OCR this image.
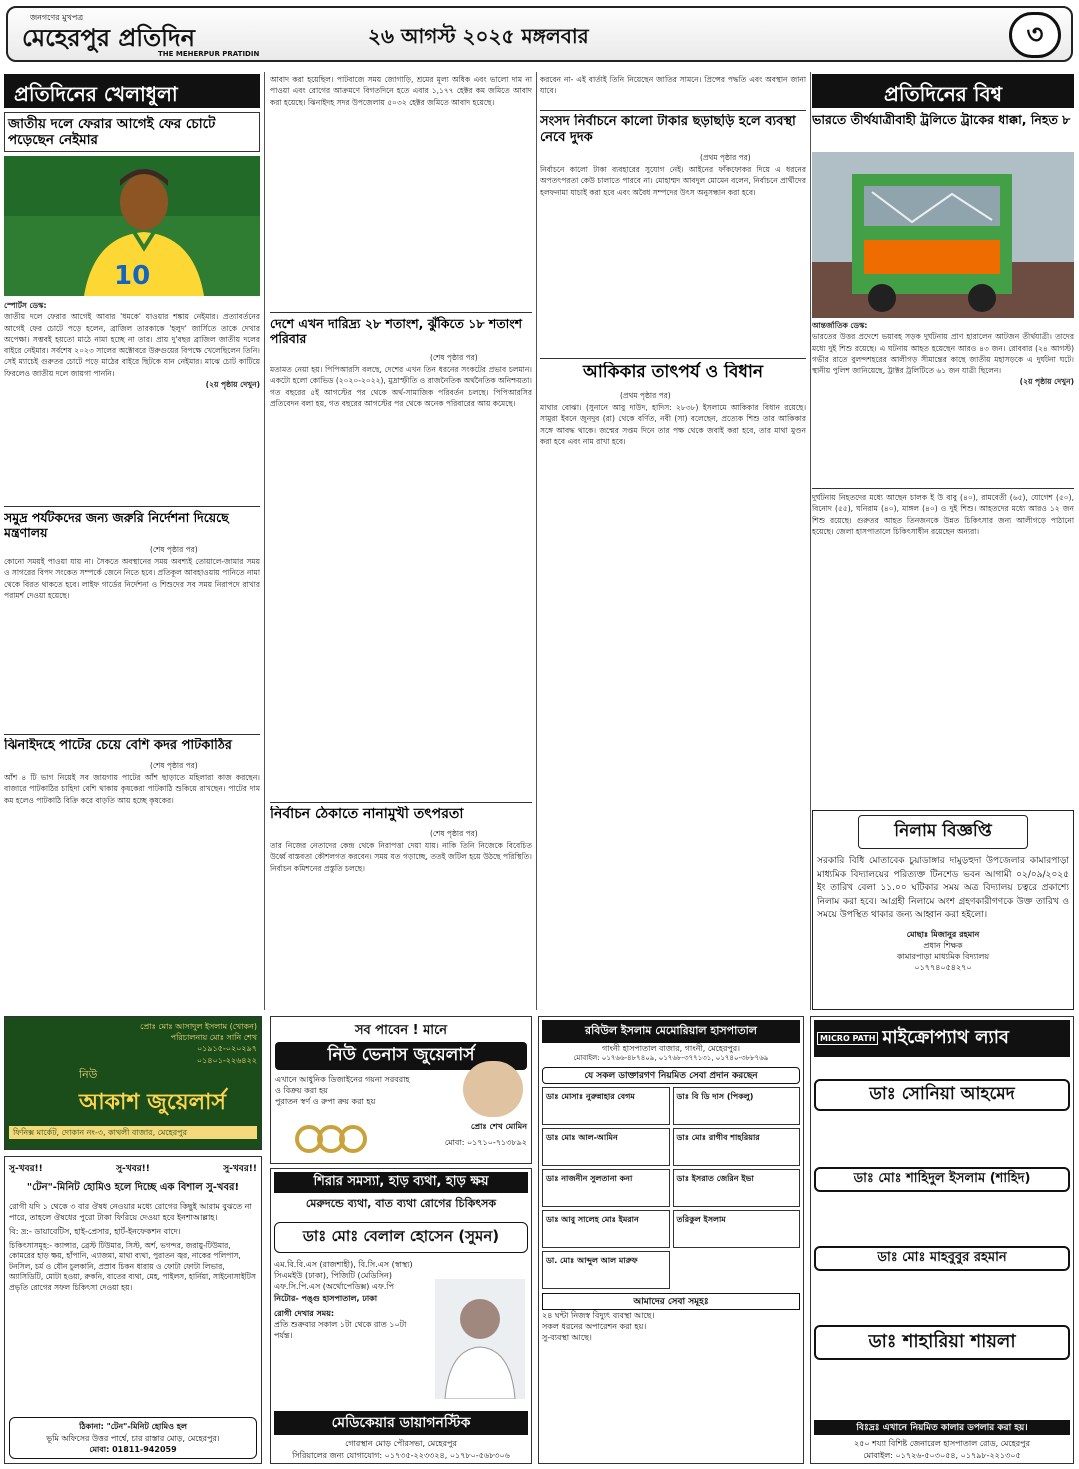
জনগণের মুখপত্র
মেহেরপুর প্রতিদিন
THE MEHERPUR PRATIDIN
২৬ আগস্ট ২০২৫ মঙ্গলবার	৩
প্রতিদিনের খেলাধুলা
জাতীয় দলে ফেরার আগেই ফের চোটে পড়েছেন নেইমার
10
স্পোর্টস ডেস্ক:
জাতীয় দলে ফেরার আগেই আবার 'ধমকে' যাওয়ার শঙ্কায় নেইমার। প্রত্যাবর্তনের আগেই ফের চোটে পড়ে হলেন, ব্রাজিল তারকাকে 'হলুদ' জার্সিতে তাকে দেখার অপেক্ষা। সম্ভবই হয়তো মাঠে নামা হচ্ছে না তার। প্রায় দু'বছর ব্রাজিল জাতীয় দলের বাইরে নেইমার। সর্বশেষ ২০২৩ সালের অক্টোবরে উরুগুয়ের বিপক্ষে খেলেছিলেন তিনি। সেই ম্যাচেই গুরুতর চোটে পড়ে মাঠের বাইরে ছিটকে যান নেইমার। মাঝে চোট কাটিয়ে ফিরলেও জাতীয় দলে জায়গা পাননি।
(২য় পৃষ্ঠায় দেখুন)
সমুদ্র পর্যটকদের জন্য জরুরি নির্দেশনা দিয়েছে মন্ত্রণালয়
(শেষ পৃষ্ঠার পর)
কোনো সময়ই পাওয়া যায় না। সৈকতে অবস্থানের সময় অবশ্যই তোয়ালে-জামার সময় ও সাগরের বিপদ সংকেত সম্পর্কে জেনে নিতে হবে। প্রতিকূল আবহাওয়ায় পানিতে নামা থেকে বিরত থাকতে হবে। লাইফ গার্ডের নির্দেশনা ও শিশুদের সব সময় নিরাপদে রাখার পরামর্শ দেওয়া হয়েছে।
ঝিনাইদহে পাটের চেয়ে বেশি কদর পাটকাঠির
(শেষ পৃষ্ঠার পর)
আঁশ ৪ টি ভাগ নিয়েই সব জায়গায় পাটের আঁশ ছাড়াতে মহিলারা কাজ করছেন। বাজারে পাটকাঠির চাহিদা বেশি থাকায় কৃষকেরা পাটকাঠি শুকিয়ে রাখছেন। পাটের দাম কম হলেও পাটকাঠি বিক্রি করে বাড়তি আয় হচ্ছে কৃষকের।
আবাদ করা হয়েছিল। পাটবাজে সময় জোগাড়ি, শ্রমের মূল্য অধিক এবং ভালো দাম না পাওয়া এবং রোগের আক্রমণে বিগতদিনে হতে এবার ১,১৭৭ হেক্টর কম জমিতে আবাদ করা হয়েছে। ঝিনাইদহ সদর উপজেলায় ৫০৩২ হেক্টর জমিতে আবাদ হয়েছে।
দেশে এখন দারিদ্র্য ২৮ শতাংশ, ঝুঁকিতে ১৮ শতাংশ পরিবার
(শেষ পৃষ্ঠার পর)
মতামত নেয়া হয়। পিপিআরসি বলছে, দেশের এখন তিন ধরনের সংকটের প্রভাব চলমান। একটো হলো কোভিড (২০২০-২০২২), মুদ্রাস্ফীতি ও রাজনৈতিক অর্থনৈতিক অনিশ্চয়তা। গত বছরের ৫ই আগস্টের পর থেকে অর্থ-সামাজিক পরিবর্তন চলছে। পিপিআরসির প্রতিবেদন বলা হয়, গত বছরের আগস্টের পর থেকে অনেক পরিবারের আয় কমেছে।
নির্বাচন ঠেকাতে নানামুখী তৎপরতা
(শেষ পৃষ্ঠার পর)
তার নিজের নেতাদের কেন্দ্র থেকে নিরাপত্তা দেয়া যায়। নাকি তিনি নিজেকে বিবেচিত উর্ধ্বে বাস্তবতা কৌশলগত করবেন। সময় যত গড়াচ্ছে, ততই জটিল হয়ে উঠছে পরিস্থিতি। নির্বাচন কমিশনের প্রস্তুতি চলছে।
করবেন না- এই বার্তাই তিনি নিয়েছেন জাতির সামনে। প্রিন্সের পদ্ধতি এবং অবস্থান জানা যাবে।
সংসদ নির্বাচনে কালো টাকার ছড়াছড়ি হলে ব্যবস্থা নেবে দুদক
(প্রথম পৃষ্ঠার পর)
নির্বাচনে কালো টাকা ব্যবহারের সুযোগ নেই। আইনের ফাঁকফোকর দিয়ে এ ধরনের অপতৎপরতা কেউ চালাতে পারবে না। মোহাম্মদ আবদুল মোমেন বলেন, নির্বাচনে প্রার্থীদের হলফনামা যাচাই করা হবে এবং অবৈধ সম্পদের উৎস অনুসন্ধান করা হবে।
আকিকার তাৎপর্য ও বিধান
(প্রথম পৃষ্ঠার পর)
মাথার বোঝা। (সুনানে আবু দাউদ, হাদিস: ২৮৩৮) ইসলামে আকিকার বিধান রয়েছে। সামুরা ইবনে জুনদুব (রা) থেকে বর্ণিত, নবী (সা) বলেছেন, প্রত্যেক শিশু তার আকিকার সঙ্গে আবদ্ধ থাকে। জন্মের সপ্তম দিনে তার পক্ষ থেকে জবাই করা হবে, তার মাথা মুণ্ডন করা হবে এবং নাম রাখা হবে।
প্রতিদিনের বিশ্ব
ভারতে তীর্থযাত্রীবাহী ট্রলিতে ট্রাকের ধাক্কা, নিহত ৮
আন্তর্জাতিক ডেস্ক:
ভারতের উত্তর প্রদেশে ভয়াবহ সড়ক দুর্ঘটনায় প্রাণ হারালেন আটজন তীর্থযাত্রী। তাদের মধ্যে দুই শিশু রয়েছে। এ ঘটনায় আহত হয়েছেন আরও ৪৩ জন। রোববার (২৪ আগস্ট) গভীর রাতে বুলন্দশহরের আলীগড় সীমান্তের কাছে জাতীয় মহাসড়কে এ দুর্ঘটনা ঘটে। স্থানীয় পুলিশ জানিয়েছে, ট্রাক্টর ট্রলিটিতে ৬১ জন যাত্রী ছিলেন।
(২য় পৃষ্ঠায় দেখুন)
দুর্ঘটনায় নিহতদের মধ্যে আছেন চালক ই উ বাবু (৪০), রামবেতী (৬৫), যোগেশ (৫০), বিনোদ (৫৫), ঘনিরাম (৪০), মাঙ্গল (৪০) ও দুই শিশু। আহতদের মধ্যে আরও ১২ জন শিশু রয়েছে। গুরুতর আহত তিনজনকে উন্নত চিকিৎসার জন্য আলীগড়ে পাঠানো হয়েছে। জেলা হাসপাতালে চিকিৎসাধীন রয়েছেন অন্যরা।
নিলাম বিজ্ঞপ্তি
সরকারি বিধি মোতাবেক চুয়াডাঙ্গার দামুড়হুদা উপজেলার কামারপাড়া মাধ্যমিক বিদ্যালয়ের পরিত্যক্ত টিনশেড ভবন আগামী ০২/০৯/২০২৫ ইং তারিখ বেলা ১১.০০ ঘটিকার সময় অত্র বিদ্যালয় চত্বরে প্রকাশ্যে নিলাম করা হবে। আগ্রহী নিলামে অংশ গ্রহণকারীগণকে উক্ত তারিখ ও সময়ে উপস্থিত থাকার জন্য আহ্বান করা হইলো।
মোছাঃ মিজানুর রহমান
প্রধান শিক্ষক
কামারপাড়া মাধ্যমিক বিদ্যালয়
০১৭৭৪০৫৪২৭০
প্রোঃ মোঃ আসাদুল ইসলাম (খোকন)
পরিচালনায় মোঃ সানি শেখ
০১৯১৫-০২০২৯৭
০১৪০১-২২৬৪২২
নিউ
আকাশ জুয়েলার্স
ফিনিক্স মার্কেট, দোকান নং-৩, কাথলী বাজার, মেহেরপুর
সু-খবর!!	সু-খবর!!	সু-খবর!!
"টেন"-মিনিট হোমিও হলে দিচ্ছে এক বিশাল সু-খবর!
রোগী যদি ১ থেকে ৩ বার ঔষধ নেওয়ার মধ্যে রোগের কিছুই আরাম বুঝতে না পারে, তাহলে ঔষধের পুরো টাকা ফিরিয়ে দেওয়া হবে ইনশাআল্লাহ।
বি: দ্র:- ডায়াবেটিস, হাই-প্রেসার, হার্ট-ইনফেকশন বাদে।
চিকিৎসাসমূহ:- ক্যান্সার, ব্রেস্ট টিউমার, সিস্ট, অর্শ, ভগন্দর, জরায়ু-টিউমার, কোমরের হাড় ক্ষয়, হাঁপানি, এ্যাজমা, মাথা ব্যথা, পুরাতন জ্বর, নাকের পলিপাস, টনসিল, চর্ম ও যৌন চুলকানি, প্রস্রাব চিকন ধারায় ও ফোটা ফোটা লিভার, অ্যাসিডিটি, মোটা হওয়া, রুকনি, বাতের ব্যথা, মেহ, পাইলস, হার্নিয়া, সাইনোসাইটিস প্রভৃতি রোগের সফল চিকিৎসা দেওয়া হয়।
ঠিকানা: "টেন"-মিনিট হোমিও হল
ভূমি অফিসের উত্তর পার্শ্বে, চার রাস্তার মোড়, মেহেরপুর।
মোবা: 01811-942059
সব পাবেন ! মানে
নিউ ভেনাস জুয়েলার্স
এখানে আধুনিক ডিজাইনের গয়না সরবরাহ ও বিক্রয় করা হয়
পুরাতন স্বর্ণ ও রুপা ক্রয় করা হয়
প্রোঃ শেখ মোমিন
মোবা: ০১৭১০-৭১৩৮৯২
শিরার সমস্যা, হাড় ব্যথা, হাড় ক্ষয়
মেরুদন্ডে ব্যথা, বাত ব্যথা রোগের চিকিৎসক
ডাঃ মোঃ বেলাল হোসেন (সুমন)
এম.বি.বি.এস (রাজশাহী), বি.সি.এস (স্বাস্থ্য)
সিএমইউ (ঢাকা), পিজিটি (মেডিসিন)
এফ.সি.পি.এস (অর্থোপেডিক্স) এফ.পি
নিটোর- পঙ্গু হাসপাতাল, ঢাকা
রোগী দেখার সময়:
প্রতি শুক্রবার সকাল ১টা থেকে রাত ১০টা পর্যন্ত।
মেডিকেয়ার ডায়াগনস্টিক
গোরস্থান মোড় পৌরসভা, মেহেরপুর
সিরিয়ালের জন্য যোগাযোগ: ০১৭৩৫-২২৩৩২৪, ০১৭৮০-৫৬৮৩০৬
রবিউল ইসলাম মেমোরিয়াল হাসপাতাল
গাংনী হাসপাতাল বাজার, গাংনী, মেহেরপুর।
মোবাইল: ০১৭৬৬-৪৮৭৪০৯, ০১৭৬৮-৩৭৭১৩১, ০১৭৪০-৩৮৮৭৬৯
যে সকল ডাক্তারগণ নিয়মিত সেবা প্রদান করছেন
ডাঃ মোসাঃ নুরুন্নাহার বেগম	ডাঃ বি ডি দাস (পিকলু)
ডাঃ মোঃ আল-আমিন	ডাঃ মোঃ রাগীব শাহরিয়ার
ডাঃ নাজনীন সুলতানা কনা	ডাঃ ইসরাত জেরিন ইভা
ডাঃ আবু সালেহ মোঃ ইমরান	তরিকুল ইসলাম
ডা. মোঃ আব্দুল আল মারুফ
আমাদের সেবা সমূহঃ
২৪ ঘন্টা নিজস্ব বিদ্যুৎ ব্যবস্থা আছে।
সকল ধরনের অপারেশন করা হয়।
সু-ব্যবস্থা আছে।
MICRO PATH মাইক্রোপ্যাথ ল্যাব
ডাঃ সোনিয়া আহমেদ
ডাঃ মোঃ শাহিদুল ইসলাম (শাহিদ)
ডাঃ মোঃ মাহবুবুর রহমান
ডাঃ শাহারিয়া শায়লা
বিঃদ্রঃ এখানে নিয়মিত কালার ডপলার করা হয়।
২৫০ শয্যা বিশিষ্ট জেনারেল হাসপাতাল রোড, মেহেরপুর
মোবাইল: ০১৭২৬-৫০৩০৫৪, ০১৭৯৮-২২১৩০৫
